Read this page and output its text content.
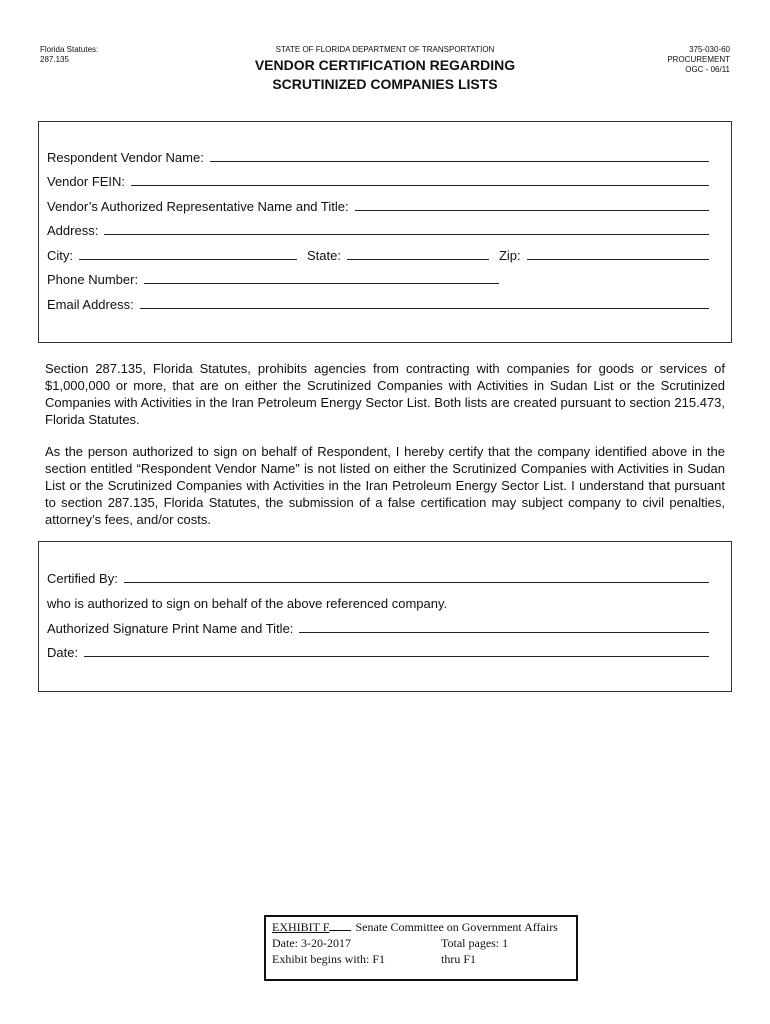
Florida Statutes:
287.135
STATE OF FLORIDA DEPARTMENT OF TRANSPORTATION
VENDOR CERTIFICATION REGARDING
SCRUTINIZED COMPANIES LISTS
375-030-60
PROCUREMENT
OGC - 06/11
Respondent Vendor Name:
Vendor FEIN:
Vendor’s Authorized Representative Name and Title:
Address:
City:	State:	Zip:
Phone Number:
Email Address:
Section 287.135, Florida Statutes, prohibits agencies from contracting with companies for goods or services of $1,000,000 or more, that are on either the Scrutinized Companies with Activities in Sudan List or the Scrutinized Companies with Activities in the Iran Petroleum Energy Sector List. Both lists are created pursuant to section 215.473, Florida Statutes.
As the person authorized to sign on behalf of Respondent, I hereby certify that the company identified above in the section entitled “Respondent Vendor Name” is not listed on either the Scrutinized Companies with Activities in Sudan List or the Scrutinized Companies with Activities in the Iran Petroleum Energy Sector List. I understand that pursuant to section 287.135, Florida Statutes, the submission of a false certification may subject company to civil penalties, attorney’s fees, and/or costs.
Certified By:
who is authorized to sign on behalf of the above referenced company.
Authorized Signature Print Name and Title:
Date:
EXHIBIT F Senate Committee on Government Affairs
Date: 3-20-2017	Total pages: 1
Exhibit begins with: F1	thru F1
